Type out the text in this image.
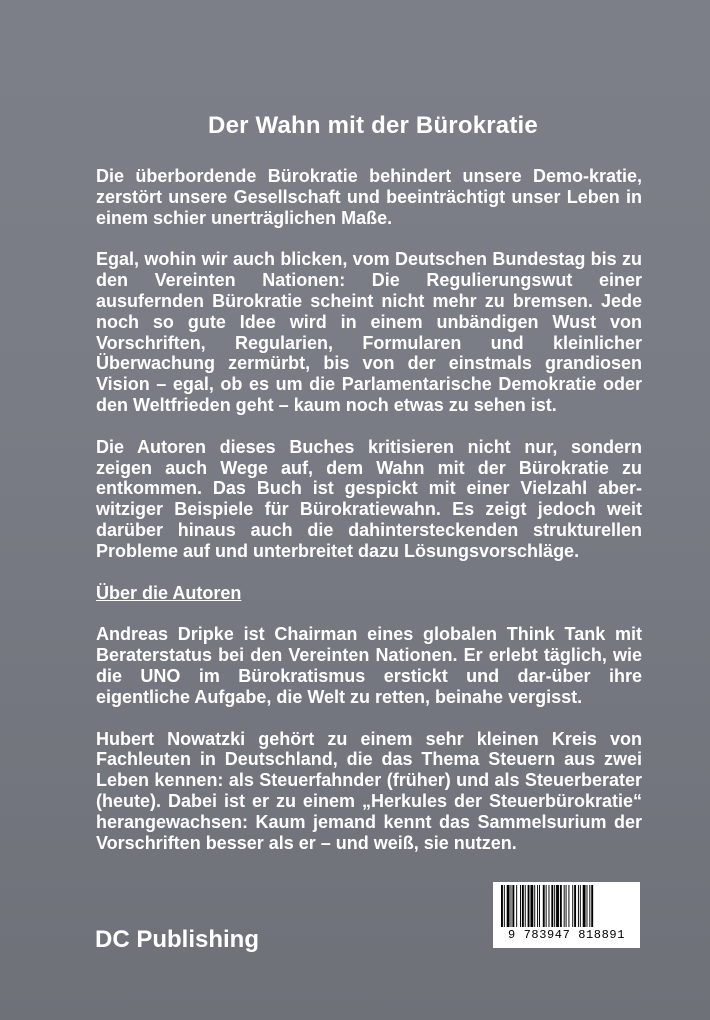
Der Wahn mit der Bürokratie

Die überbordende Bürokratie behindert unsere Demo-kratie, zerstört unsere Gesellschaft und beeinträchtigt unser Leben in einem schier unerträglichen Maße.

Egal, wohin wir auch blicken, vom Deutschen Bundestag bis zu den Vereinten Nationen: Die Regulierungswut einer ausufernden Bürokratie scheint nicht mehr zu bremsen. Jede noch so gute Idee wird in einem unbändigen Wust von Vorschriften, Regularien, Formularen und kleinlicher Überwachung zermürbt, bis von der einstmals grandiosen Vision – egal, ob es um die Parlamentarische Demokratie oder den Weltfrieden geht – kaum noch etwas zu sehen ist.

Die Autoren dieses Buches kritisieren nicht nur, sondern zeigen auch Wege auf, dem Wahn mit der Bürokratie zu entkommen. Das Buch ist gespickt mit einer Vielzahl aber-witziger Beispiele für Bürokratiewahn. Es zeigt jedoch weit darüber hinaus auch die dahintersteckenden strukturellen Probleme auf und unterbreitet dazu Lösungsvorschläge.

Über die Autoren

Andreas Dripke ist Chairman eines globalen Think Tank mit Beraterstatus bei den Vereinten Nationen. Er erlebt täglich, wie die UNO im Bürokratismus erstickt und dar-über ihre eigentliche Aufgabe, die Welt zu retten, beinahe vergisst.

Hubert Nowatzki gehört zu einem sehr kleinen Kreis von Fachleuten in Deutschland, die das Thema Steuern aus zwei Leben kennen: als Steuerfahnder (früher) und als Steuerberater (heute). Dabei ist er zu einem „Herkules der Steuerbürokratie“ herangewachsen: Kaum jemand kennt das Sammelsurium der Vorschriften besser als er – und weiß, sie nutzen.

DC Publishing	9 783947 818891
